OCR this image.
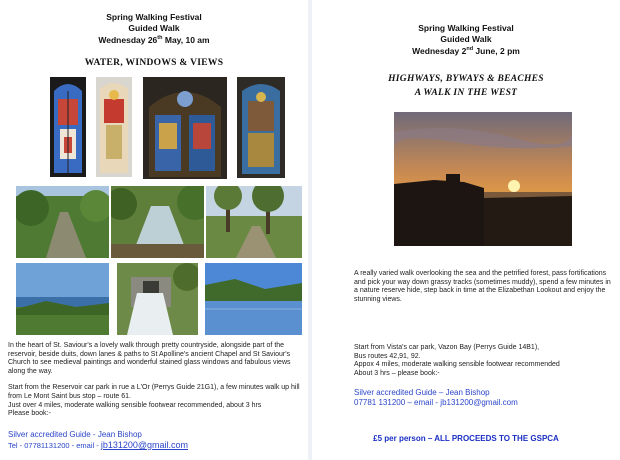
Spring Walking Festival
Guided Walk
Wednesday 26th May, 10 am
WATER, WINDOWS & VIEWS
In the heart of St. Saviour's a lovely walk through pretty countryside, alongside part of the reservoir, beside duits, down lanes & paths to St Apolline's ancient Chapel and St Saviour's Church to see medieval paintings and wonderful stained glass windows and fabulous views along the way.
Start from the Reservoir car park in rue a L'Or (Perrys Guide 21G1), a few minutes walk up hill from Le Mont Saint bus stop – route 61.
Just over 4 miles, moderate walking sensible footwear recommended, about 3 hrs
Please book:-
Silver accredited Guide - Jean Bishop
Tel - 07781131200 - email - jb131200@gmail.com
Spring Walking Festival
Guided Walk
Wednesday 2nd June, 2 pm
HIGHWAYS, BYWAYS & BEACHES
A WALK IN THE WEST
A really varied walk overlooking the sea and the petrified forest, pass fortifications and pick your way down grassy tracks (sometimes muddy), spend a few minutes in a nature reserve hide, step back in time at the Elizabethan Lookout and enjoy the stunning views.
Start from Vista's car park, Vazon Bay (Perrys Guide 14B1),
Bus routes 42,91, 92.
Appox 4 miles, moderate walking sensible footwear recommended
About 3 hrs – please book:-
Silver accredited Guide – Jean Bishop
07781 131200 – email - jb131200@gmail.com
£5 per person – ALL PROCEEDS TO THE GSPCA
